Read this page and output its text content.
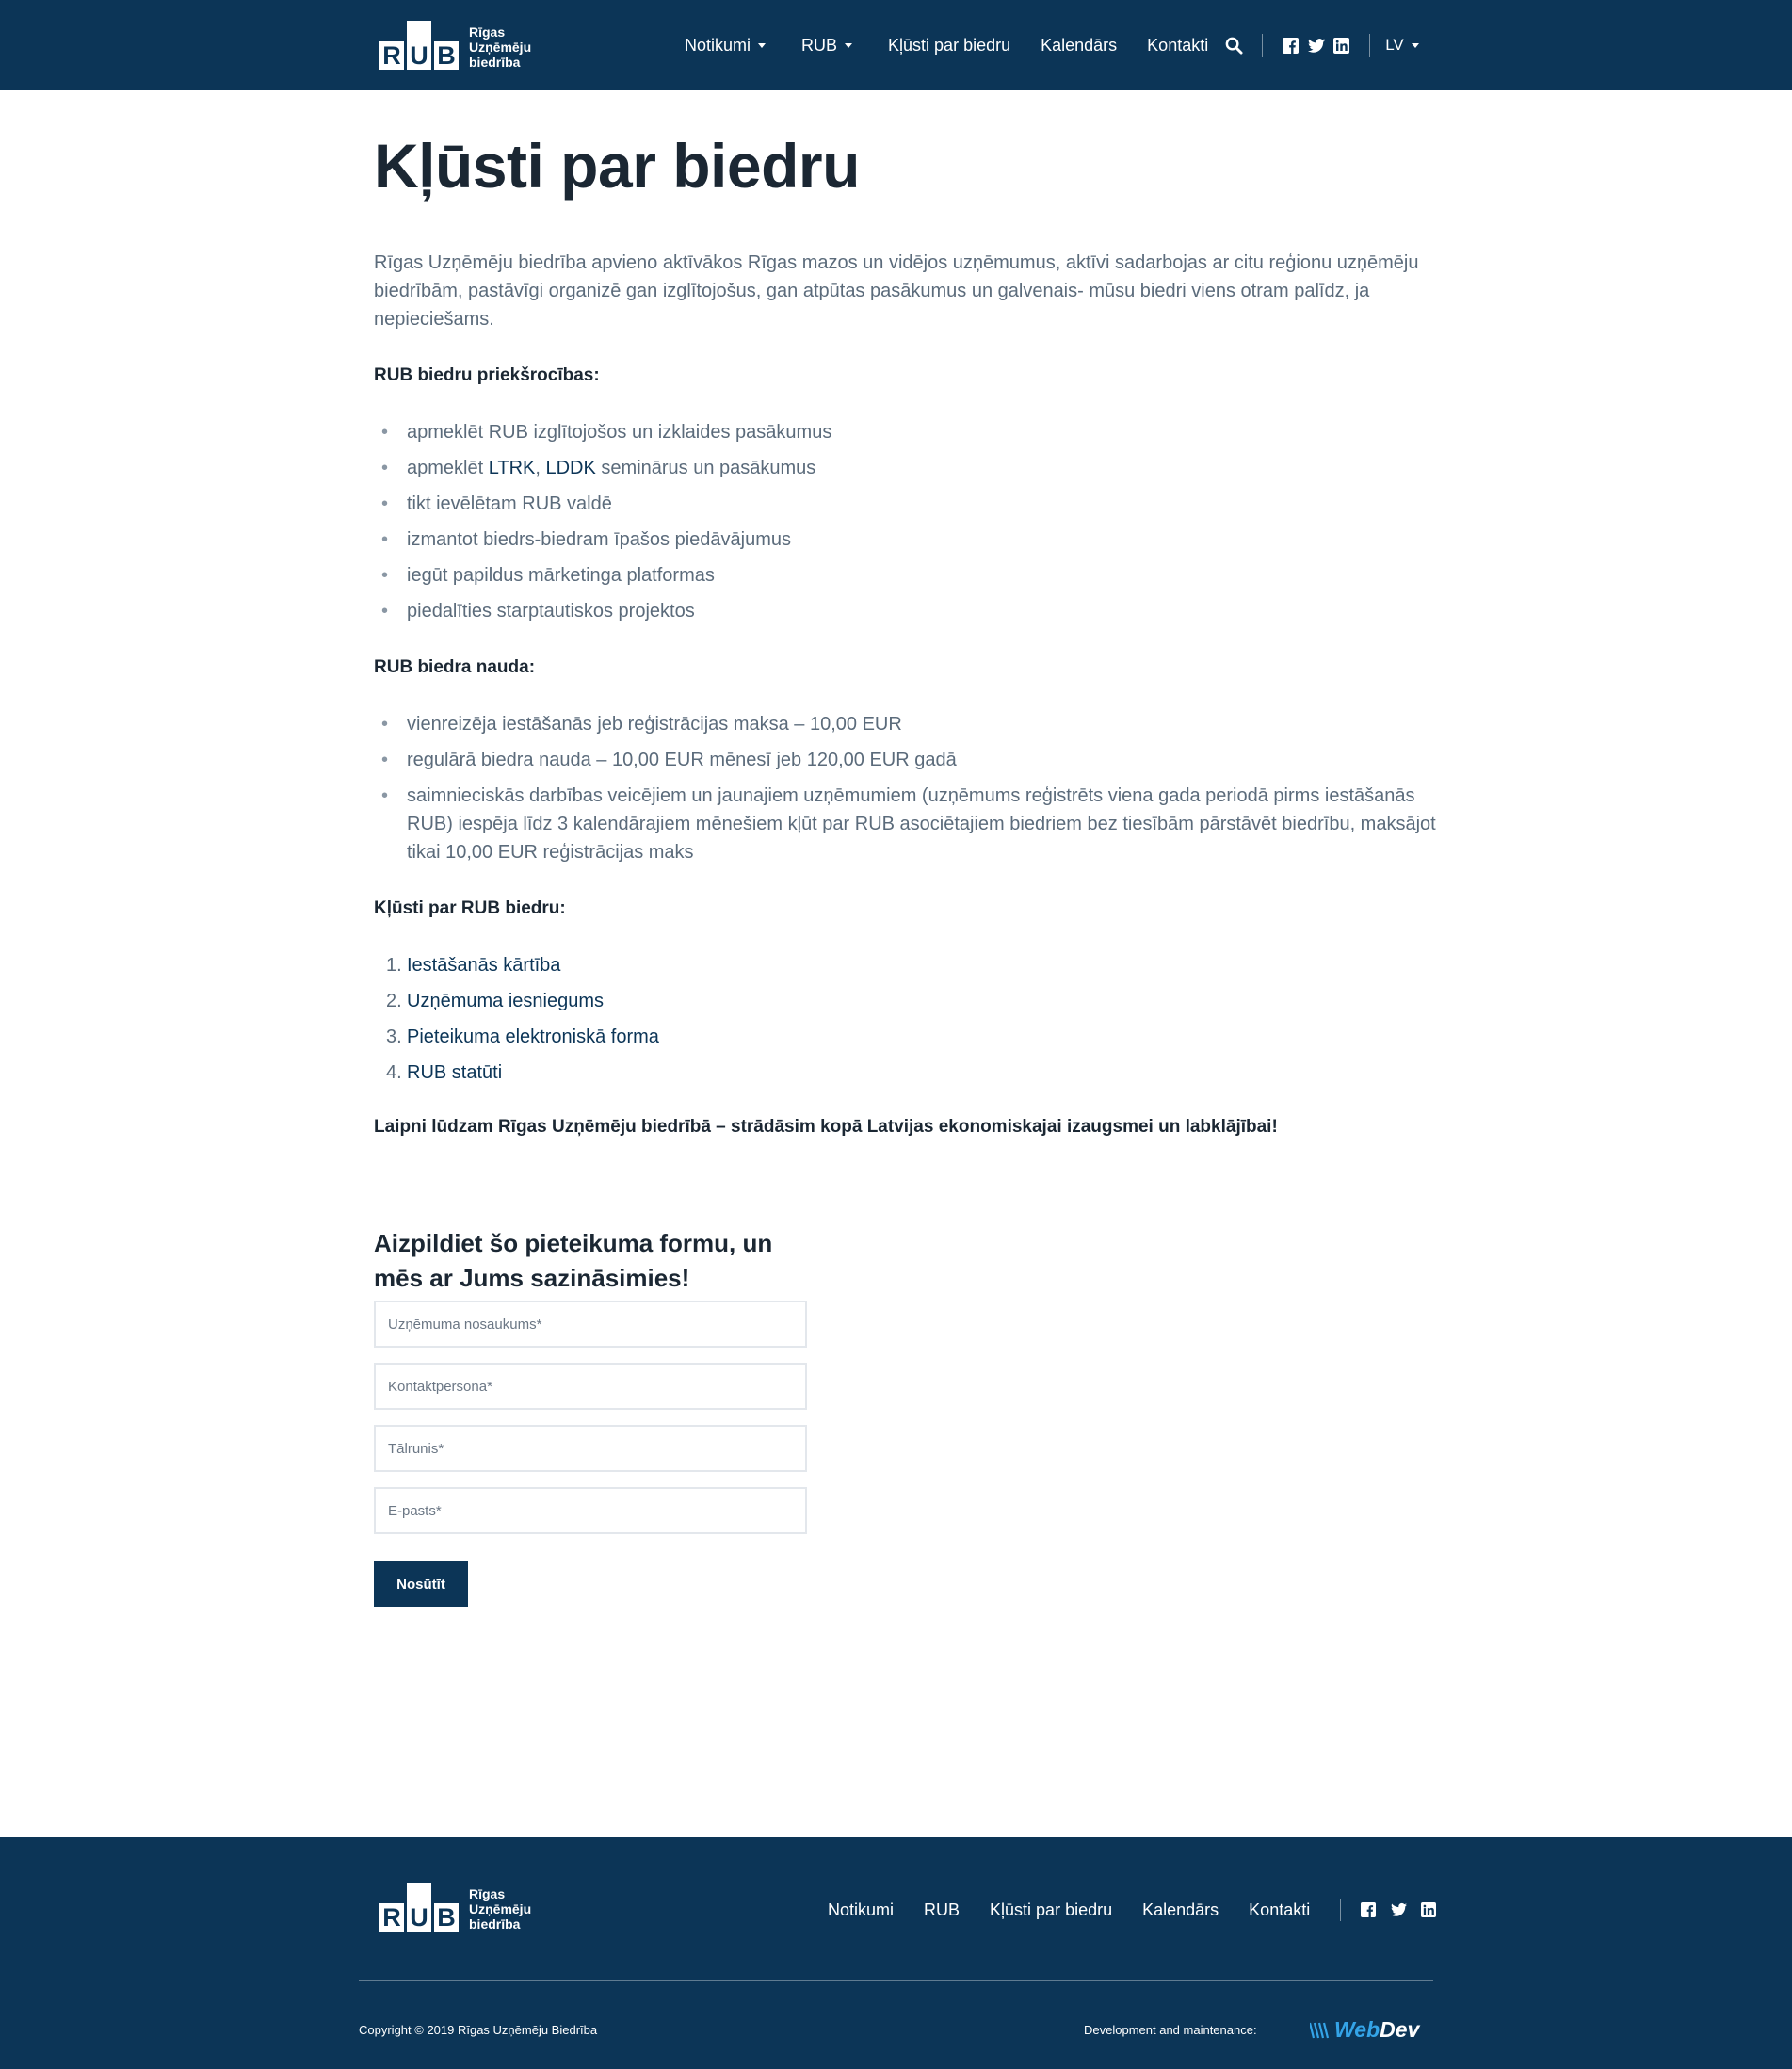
R U B
Rīgas
Uzņēmēju
biedrība
Notikumi	RUB	Kļūsti par biedru Kalendārs Kontakti	LV
Kļūsti par biedru

Rīgas Uzņēmēju biedrība apvieno aktīvākos Rīgas mazos un vidējos uzņēmumus, aktīvi sadarbojas ar citu reģionu uzņēmēju biedrībām, pastāvīgi organizē gan izglītojošus, gan atpūtas pasākumus un galvenais- mūsu biedri viens otram palīdz, ja nepieciešams.

RUB biedru priekšrocības:
• apmeklēt RUB izglītojošos un izklaides pasākumus
• apmeklēt LTRK, LDDK seminārus un pasākumus
• tikt ievēlētam RUB valdē
• izmantot biedrs-biedram īpašos piedāvājumus
• iegūt papildus mārketinga platformas
• piedalīties starptautiskos projektos
RUB biedra nauda:
• vienreizēja iestāšanās jeb reģistrācijas maksa – 10,00 EUR
• regulārā biedra nauda – 10,00 EUR mēnesī jeb 120,00 EUR gadā
• saimnieciskās darbības veicējiem un jaunajiem uzņēmumiem (uzņēmums reģistrēts viena gada periodā pirms iestāšanās RUB) iespēja līdz 3 kalendārajiem mēnešiem kļūt par RUB asociētajiem biedriem bez tiesībām pārstāvēt biedrību, maksājot tikai 10,00 EUR reģistrācijas maks
Kļūsti par RUB biedru:
1. Iestāšanās kārtība
2. Uzņēmuma iesniegums
3. Pieteikuma elektroniskā forma
4. RUB statūti
Laipni lūdzam Rīgas Uzņēmēju biedrībā – strādāsim kopā Latvijas ekonomiskajai izaugsmei un labklājībai!
Aizpildiet šo pieteikuma formu, un mēs ar Jums sazināsimies!
Uzņēmuma nosaukums*
Kontaktpersona*
Tālrunis*
E-pasts*
Nosūtīt
R U B
Rīgas
Uzņēmēju
biedrība
Notikumi RUB Kļūsti par biedru Kalendārs Kontakti
Copyright © 2019 Rīgas Uzņēmēju Biedrība	Development and maintenance:	Web Dev
